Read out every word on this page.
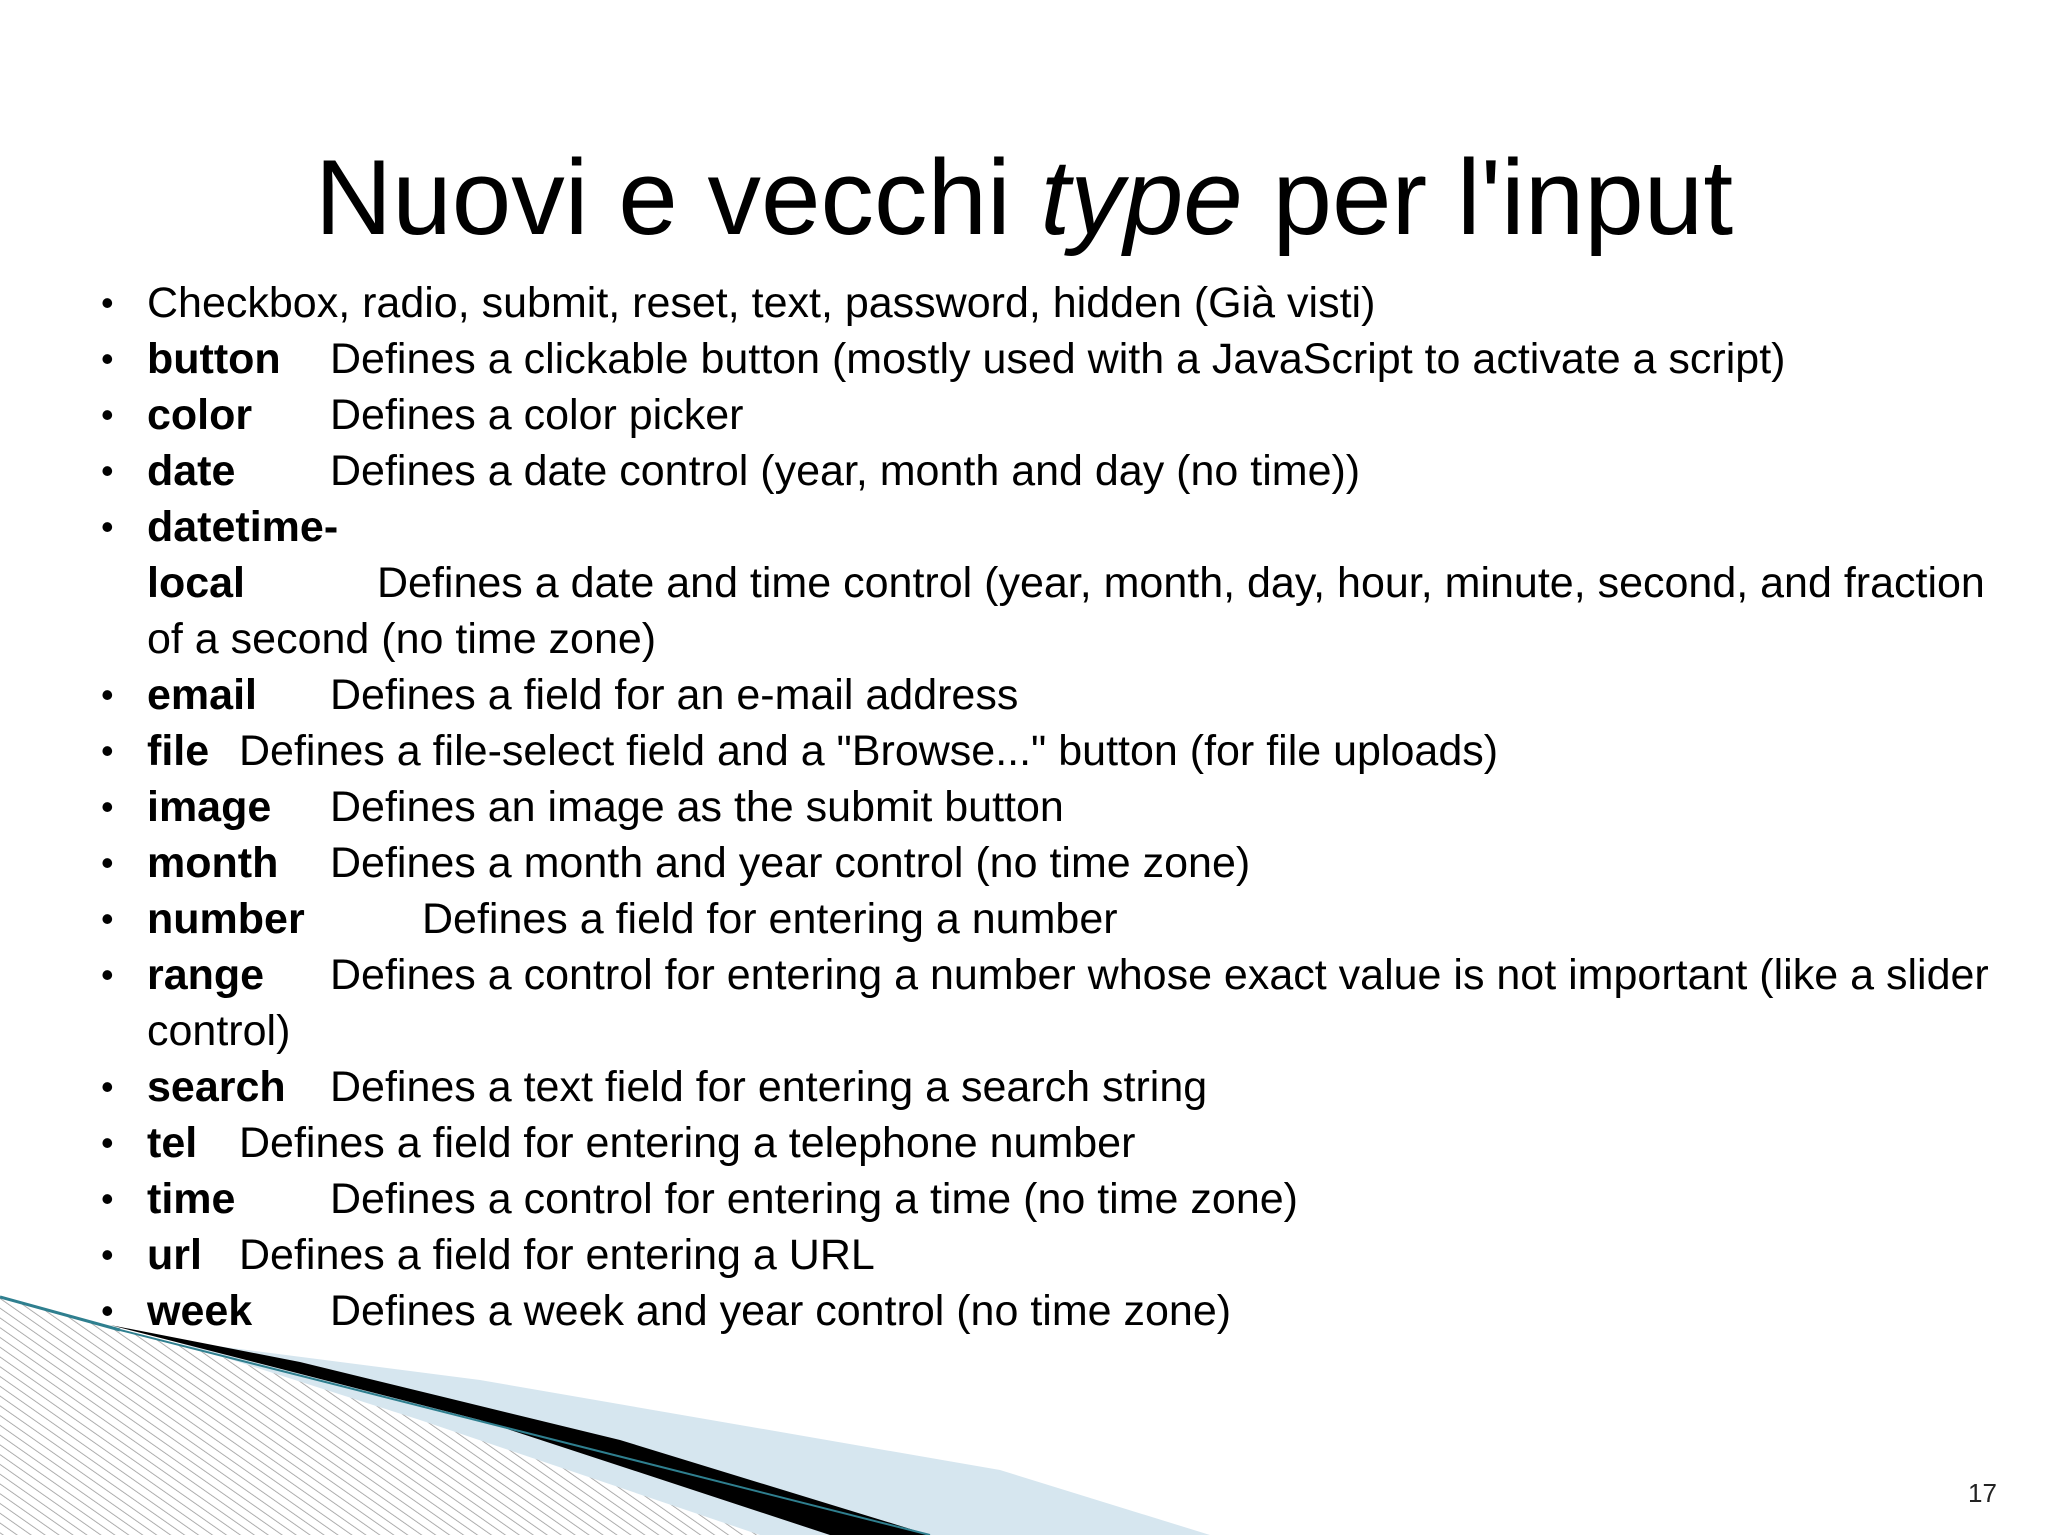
Nuovi e vecchi type per l'input
• Checkbox, radio, submit, reset, text, password, hidden (Già visti)
• button Defines a clickable button (mostly used with a JavaScript to activate a script)
• color Defines a color picker
• date Defines a date control (year, month and day (no time))
• datetime-local	Defines a date and time control (year, month, day, hour, minute, second, and fraction of a second (no time zone)
• email Defines a field for an e-mail address
• file Defines a file-select field and a "Browse..." button (for file uploads)
• image Defines an image as the submit button
• month Defines a month and year control (no time zone)
• number	Defines a field for entering a number
• range Defines a control for entering a number whose exact value is not important (like a slider control)
• search Defines a text field for entering a search string
• tel Defines a field for entering a telephone number
• time Defines a control for entering a time (no time zone)
• url Defines a field for entering a URL
• week Defines a week and year control (no time zone)
17
